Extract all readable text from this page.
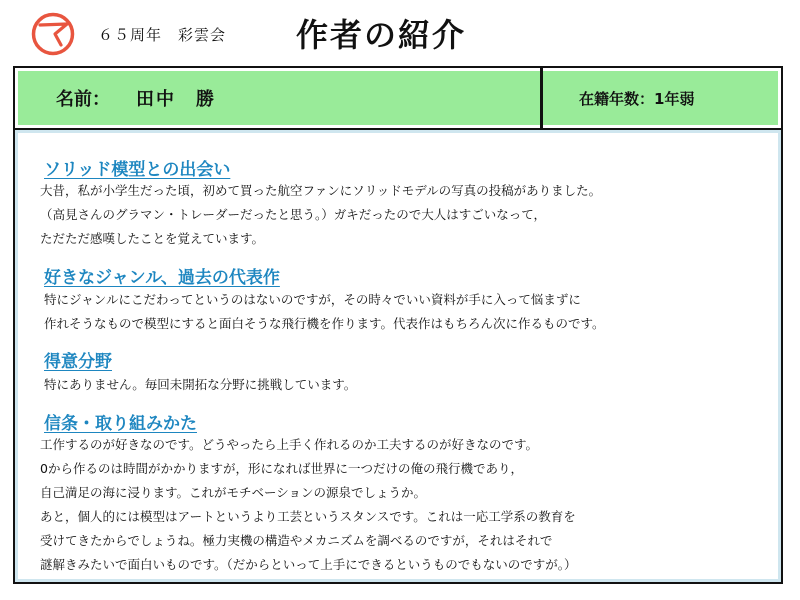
６５周年　彩雲会 作者の紹介
名前： 田中　勝	在籍年数：1年弱
ソリッド模型との出会い
大昔，私が小学生だった頃，初めて買った航空ファンにソリッドモデルの写真の投稿がありました。
（高見さんのグラマン・トレーダーだったと思う。）ガキだったので大人はすごいなって，
ただただ感嘆したことを覚えています。
好きなジャンル、過去の代表作
特にジャンルにこだわってというのはないのですが，その時々でいい資料が手に入って悩まずに
作れそうなもので模型にすると面白そうな飛行機を作ります。代表作はもちろん次に作るものです。
得意分野
特にありません。毎回未開拓な分野に挑戦しています。
信条・取り組みかた
工作するのが好きなのです。どうやったら上手く作れるのか工夫するのが好きなのです。
0から作るのは時間がかかりますが，形になれば世界に一つだけの俺の飛行機であり，
自己満足の海に浸ります。これがモチベーションの源泉でしょうか。
あと，個人的には模型はアートというより工芸というスタンスです。これは一応工学系の教育を
受けてきたからでしょうね。極力実機の構造やメカニズムを調べるのですが，それはそれで
謎解きみたいで面白いものです。（だからといって上手にできるというものでもないのですが。）
